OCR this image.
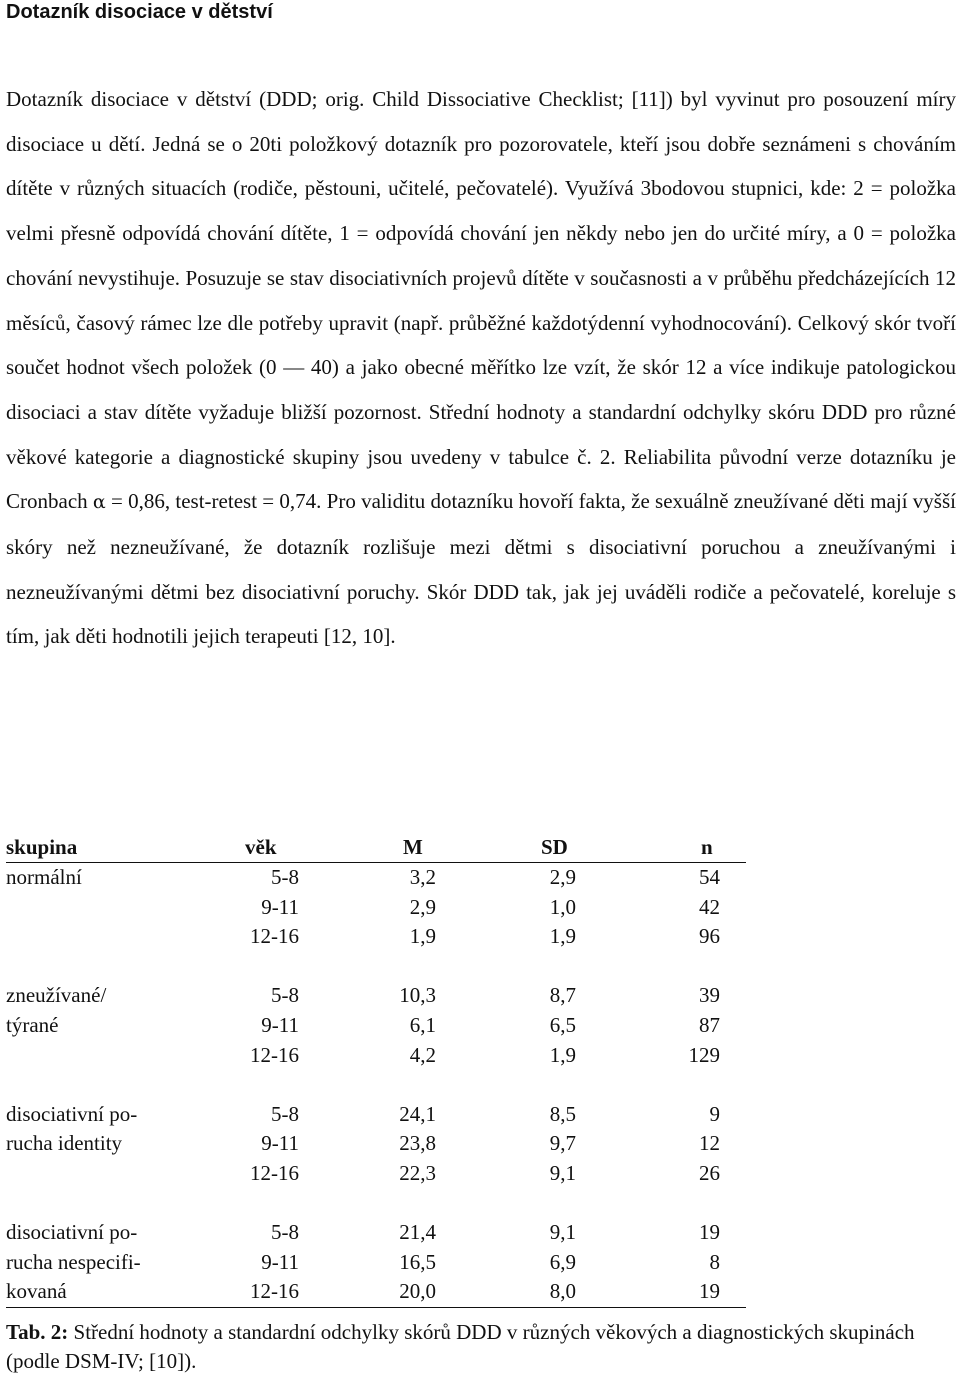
Dotazník disociace v dětství

Dotazník disociace v dětství (DDD; orig. Child Dissociative Checklist; [11]) byl vyvinut pro posouzení míry disociace u dětí. Jedná se o 20ti položkový dotazník pro pozorovatele, kteří jsou dobře seznámeni s chováním dítěte v různých situacích (rodiče, pěstouni, učitelé, pečovatelé). Využívá 3bodovou stupnici, kde: 2 = položka velmi přesně odpovídá chování dítěte, 1 = odpovídá chování jen někdy nebo jen do určité míry, a 0 = položka chování nevystihuje. Posuzuje se stav disociativních projevů dítěte v současnosti a v průběhu předcházejících 12 měsíců, časový rámec lze dle potřeby upravit (např. průběžné každotýdenní vyhodnocování). Celkový skór tvoří součet hodnot všech položek (0 — 40) a jako obecné měřítko lze vzít, že skór 12 a více indikuje patologickou disociaci a stav dítěte vyžaduje bližší pozornost. Střední hodnoty a standardní odchylky skóru DDD pro různé věkové kategorie a diagnostické skupiny jsou uvedeny v tabulce č. 2. Reliabilita původní verze dotazníku je Cronbach α = 0,86, test-retest = 0,74. Pro validitu dotazníku hovoří fakta, že sexuálně zneužívané děti mají vyšší skóry než nezneužívané, že dotazník rozlišuje mezi dětmi s disociativní poruchou a zneužívanými i nezneužívanými dětmi bez disociativní poruchy. Skór DDD tak, jak jej uváděli rodiče a pečovatelé, koreluje s tím, jak děti hodnotili jejich terapeuti [12, 10].

skupina	věk	M	SD	n
normální	5-8	3,2	2,9	54
9-11	2,9	1,0	42
12-16	1,9	1,9	96
zneužívané/	5-8	10,3	8,7	39
týrané	9-11	6,1	6,5	87
12-16	4,2	1,9	129
disociativní po-	5-8	24,1	8,5	9
rucha identity	9-11	23,8	9,7	12
12-16	22,3	9,1	26
disociativní po-	5-8	21,4	9,1	19
rucha nespecifi-	9-11	16,5	6,9	8
kovaná	12-16	20,0	8,0	19

Tab. 2: Střední hodnoty a standardní odchylky skórů DDD v různých věkových a diagnostických skupinách (podle DSM-IV; [10]).
